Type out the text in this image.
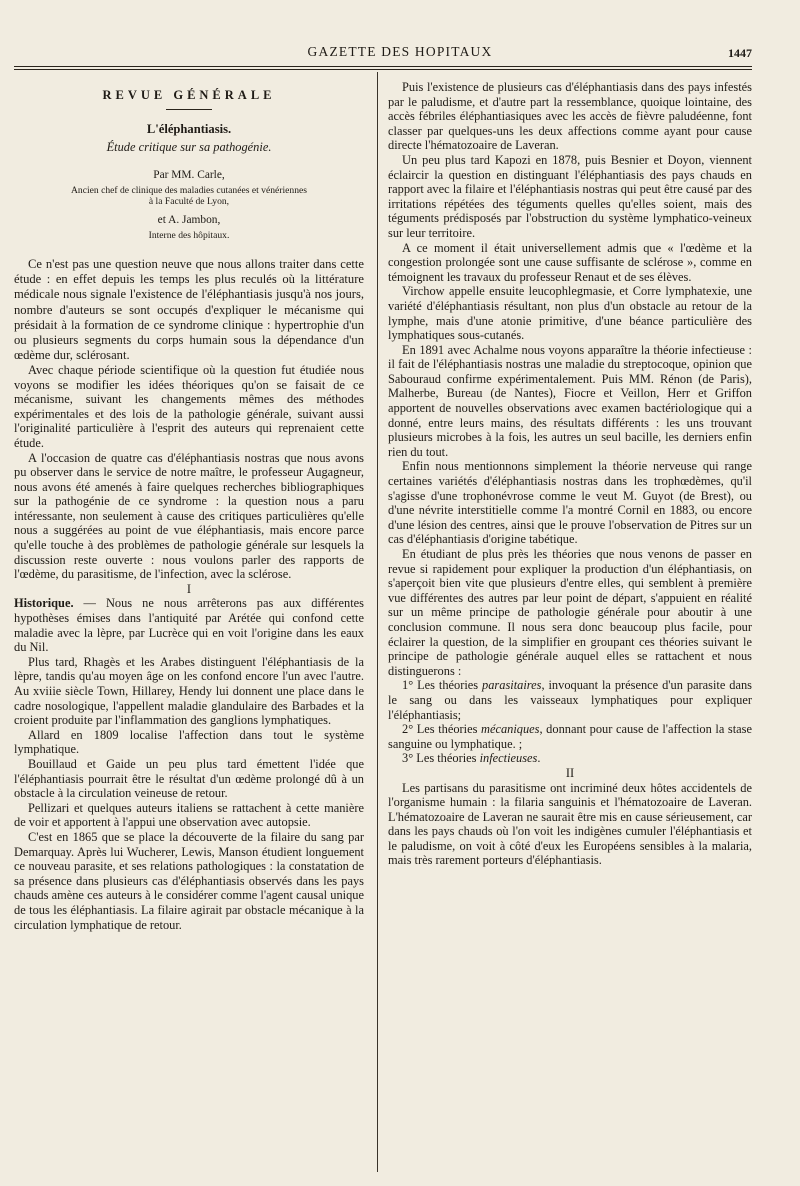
GAZETTE DES HOPITAUX	1447
REVUE GÉNÉRALE
L'éléphantiasis.
Étude critique sur sa pathogénie.
Par MM. Carle,
Ancien chef de clinique des maladies cutanées et vénériennes
à la Faculté de Lyon,
et A. Jambon,
Interne des hôpitaux.

Ce n'est pas une question neuve que nous allons traiter dans cette étude : en effet depuis les temps les plus reculés où la littérature médicale nous signale l'existence de l'éléphantiasis jusqu'à nos jours, nombre d'auteurs se sont occupés d'expliquer le mécanisme qui présidait à la formation de ce syndrome clinique : hypertrophie d'un ou plusieurs segments du corps humain sous la dépendance d'un œdème dur, sclérosant.

Avec chaque période scientifique où la question fut étudiée nous voyons se modifier les idées théoriques qu'on se faisait de ce mécanisme, suivant les changements mêmes des méthodes expérimentales et des lois de la pathologie générale, suivant aussi l'originalité particulière à l'esprit des auteurs qui reprenaient cette étude.

A l'occasion de quatre cas d'éléphantiasis nostras que nous avons pu observer dans le service de notre maître, le professeur Augagneur, nous avons été amenés à faire quelques recherches bibliographiques sur la pathogénie de ce syndrome : la question nous a paru intéressante, non seulement à cause des critiques particulières qu'elle nous a suggérées au point de vue éléphantiasis, mais encore parce qu'elle touche à des problèmes de pathologie générale sur lesquels la discussion reste ouverte : nous voulons parler des rapports de l'œdème, du parasitisme, de l'infection, avec la sclérose.

I

Historique. — Nous ne nous arrêterons pas aux différentes hypothèses émises dans l'antiquité par Arétée qui confond cette maladie avec la lèpre, par Lucrèce qui en voit l'origine dans les eaux du Nil.

Plus tard, Rhagès et les Arabes distinguent l'éléphantiasis de la lèpre, tandis qu'au moyen âge on les confond encore l'un avec l'autre. Au xviiie siècle Town, Hillarey, Hendy lui donnent une place dans le cadre nosologique, l'appellent maladie glandulaire des Barbades et la croient produite par l'inflammation des ganglions lymphatiques.

Allard en 1809 localise l'affection dans tout le système lymphatique.

Bouillaud et Gaide un peu plus tard émettent l'idée que l'éléphantiasis pourrait être le résultat d'un œdème prolongé dû à un obstacle à la circulation veineuse de retour.

Pellizari et quelques auteurs italiens se rattachent à cette manière de voir et apportent à l'appui une observation avec autopsie.

C'est en 1865 que se place la découverte de la filaire du sang par Demarquay. Après lui Wucherer, Lewis, Manson étudient longuement ce nouveau parasite, et ses relations pathologiques : la constatation de sa présence dans plusieurs cas d'éléphantiasis observés dans les pays chauds amène ces auteurs à le considérer comme l'agent causal unique de tous les éléphantiasis. La filaire agirait par obstacle mécanique à la circulation lymphatique de retour.

Puis l'existence de plusieurs cas d'éléphantiasis dans des pays infestés par le paludisme, et d'autre part la ressemblance, quoique lointaine, des accès fébriles éléphantiasiques avec les accès de fièvre paludéenne, font classer par quelques-uns les deux affections comme ayant pour cause directe l'hématozoaire de Laveran.

Un peu plus tard Kapozi en 1878, puis Besnier et Doyon, viennent éclaircir la question en distinguant l'éléphantiasis des pays chauds en rapport avec la filaire et l'éléphantiasis nostras qui peut être causé par des irritations répétées des téguments quelles qu'elles soient, mais des téguments prédisposés par l'obstruction du système lymphatico-veineux sur leur territoire.

A ce moment il était universellement admis que « l'œdème et la congestion prolongée sont une cause suffisante de sclérose », comme en témoignent les travaux du professeur Renaut et de ses élèves.

Virchow appelle ensuite leucophlegmasie, et Corre lymphatexie, une variété d'éléphantiasis résultant, non plus d'un obstacle au retour de la lymphe, mais d'une atonie primitive, d'une béance particulière des lymphatiques sous-cutanés.

En 1891 avec Achalme nous voyons apparaître la théorie infectieuse : il fait de l'éléphantiasis nostras une maladie du streptocoque, opinion que Sabouraud confirme expérimentalement. Puis MM. Rénon (de Paris), Malherbe, Bureau (de Nantes), Fiocre et Veillon, Herr et Griffon apportent de nouvelles observations avec examen bactériologique qui a donné, entre leurs mains, des résultats différents : les uns trouvant plusieurs microbes à la fois, les autres un seul bacille, les derniers enfin rien du tout.

Enfin nous mentionnons simplement la théorie nerveuse qui range certaines variétés d'éléphantiasis nostras dans les trophœdèmes, qu'il s'agisse d'une trophonévrose comme le veut M. Guyot (de Brest), ou d'une névrite interstitielle comme l'a montré Cornil en 1883, ou encore d'une lésion des centres, ainsi que le prouve l'observation de Pitres sur un cas d'éléphantiasis d'origine tabétique.

En étudiant de plus près les théories que nous venons de passer en revue si rapidement pour expliquer la production d'un éléphantiasis, on s'aperçoit bien vite que plusieurs d'entre elles, qui semblent à première vue différentes des autres par leur point de départ, s'appuient en réalité sur un même principe de pathologie générale pour aboutir à une conclusion commune. Il nous sera donc beaucoup plus facile, pour éclairer la question, de la simplifier en groupant ces théories suivant le principe de pathologie générale auquel elles se rattachent et nous distinguerons :

1° Les théories parasitaires, invoquant la présence d'un parasite dans le sang ou dans les vaisseaux lymphatiques pour expliquer l'éléphantiasis;

2° Les théories mécaniques, donnant pour cause de l'affection la stase sanguine ou lymphatique. ;

3° Les théories infectieuses.

II

Les partisans du parasitisme ont incriminé deux hôtes accidentels de l'organisme humain : la filaria sanguinis et l'hématozoaire de Laveran. L'hématozoaire de Laveran ne saurait être mis en cause sérieusement, car dans les pays chauds où l'on voit les indigènes cumuler l'éléphantiasis et le paludisme, on voit à côté d'eux les Européens sensibles à la malaria, mais très rarement porteurs d'éléphantiasis.
